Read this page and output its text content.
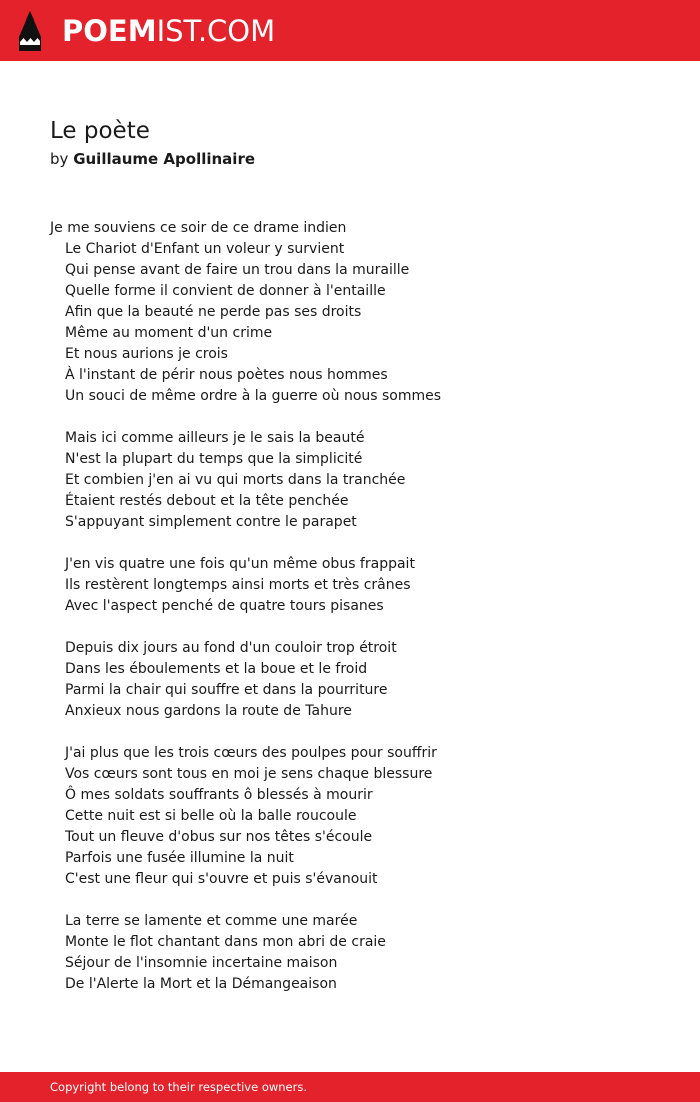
POEMIST.COM
Le poète
by Guillaume Apollinaire
Je me souviens ce soir de ce drame indien
Le Chariot d'Enfant un voleur y survient
Qui pense avant de faire un trou dans la muraille
Quelle forme il convient de donner à l'entaille
Afin que la beauté ne perde pas ses droits
Même au moment d'un crime
Et nous aurions je crois
À l'instant de périr nous poètes nous hommes
Un souci de même ordre à la guerre où nous sommes
Mais ici comme ailleurs je le sais la beauté
N'est la plupart du temps que la simplicité
Et combien j'en ai vu qui morts dans la tranchée
Étaient restés debout et la tête penchée
S'appuyant simplement contre le parapet
J'en vis quatre une fois qu'un même obus frappait
Ils restèrent longtemps ainsi morts et très crânes
Avec l'aspect penché de quatre tours pisanes
Depuis dix jours au fond d'un couloir trop étroit
Dans les éboulements et la boue et le froid
Parmi la chair qui souffre et dans la pourriture
Anxieux nous gardons la route de Tahure
J'ai plus que les trois cœurs des poulpes pour souffrir
Vos cœurs sont tous en moi je sens chaque blessure
Ô mes soldats souffrants ô blessés à mourir
Cette nuit est si belle où la balle roucoule
Tout un fleuve d'obus sur nos têtes s'écoule
Parfois une fusée illumine la nuit
C'est une fleur qui s'ouvre et puis s'évanouit
La terre se lamente et comme une marée
Monte le flot chantant dans mon abri de craie
Séjour de l'insomnie incertaine maison
De l'Alerte la Mort et la Démangeaison
Copyright belong to their respective owners.
